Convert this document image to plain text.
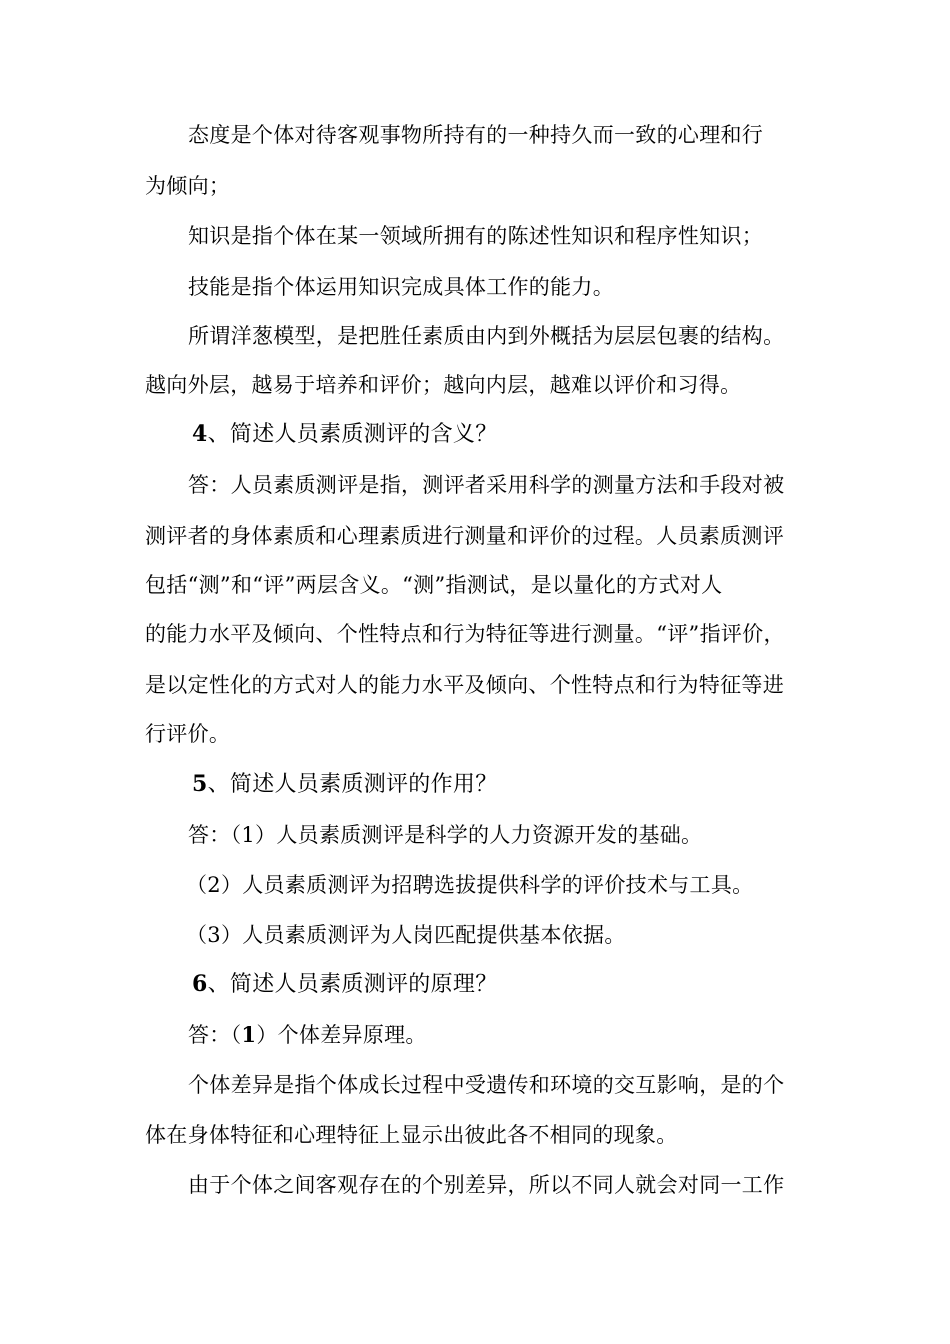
态度是个体对待客观事物所持有的一种持久而一致的心理和行
为倾向；
知识是指个体在某一领域所拥有的陈述性知识和程序性知识；
技能是指个体运用知识完成具体工作的能力。
所谓洋葱模型，是把胜任素质由内到外概括为层层包裹的结构。
越向外层，越易于培养和评价；越向内层，越难以评价和习得。
4、简述人员素质测评的含义？
答：人员素质测评是指，测评者采用科学的测量方法和手段对被
测评者的身体素质和心理素质进行测量和评价的过程。人员素质测评
包括“测”和“评”两层含义。“测”指测试，是以量化的方式对人
的能力水平及倾向、个性特点和行为特征等进行测量。“评”指评价，
是以定性化的方式对人的能力水平及倾向、个性特点和行为特征等进
行评价。
5、简述人员素质测评的作用？
答：（1）人员素质测评是科学的人力资源开发的基础。
（2）人员素质测评为招聘选拔提供科学的评价技术与工具。
（3）人员素质测评为人岗匹配提供基本依据。
6、简述人员素质测评的原理？
答：（1）个体差异原理。
个体差异是指个体成长过程中受遗传和环境的交互影响，是的个
体在身体特征和心理特征上显示出彼此各不相同的现象。
由于个体之间客观存在的个别差异，所以不同人就会对同一工作
